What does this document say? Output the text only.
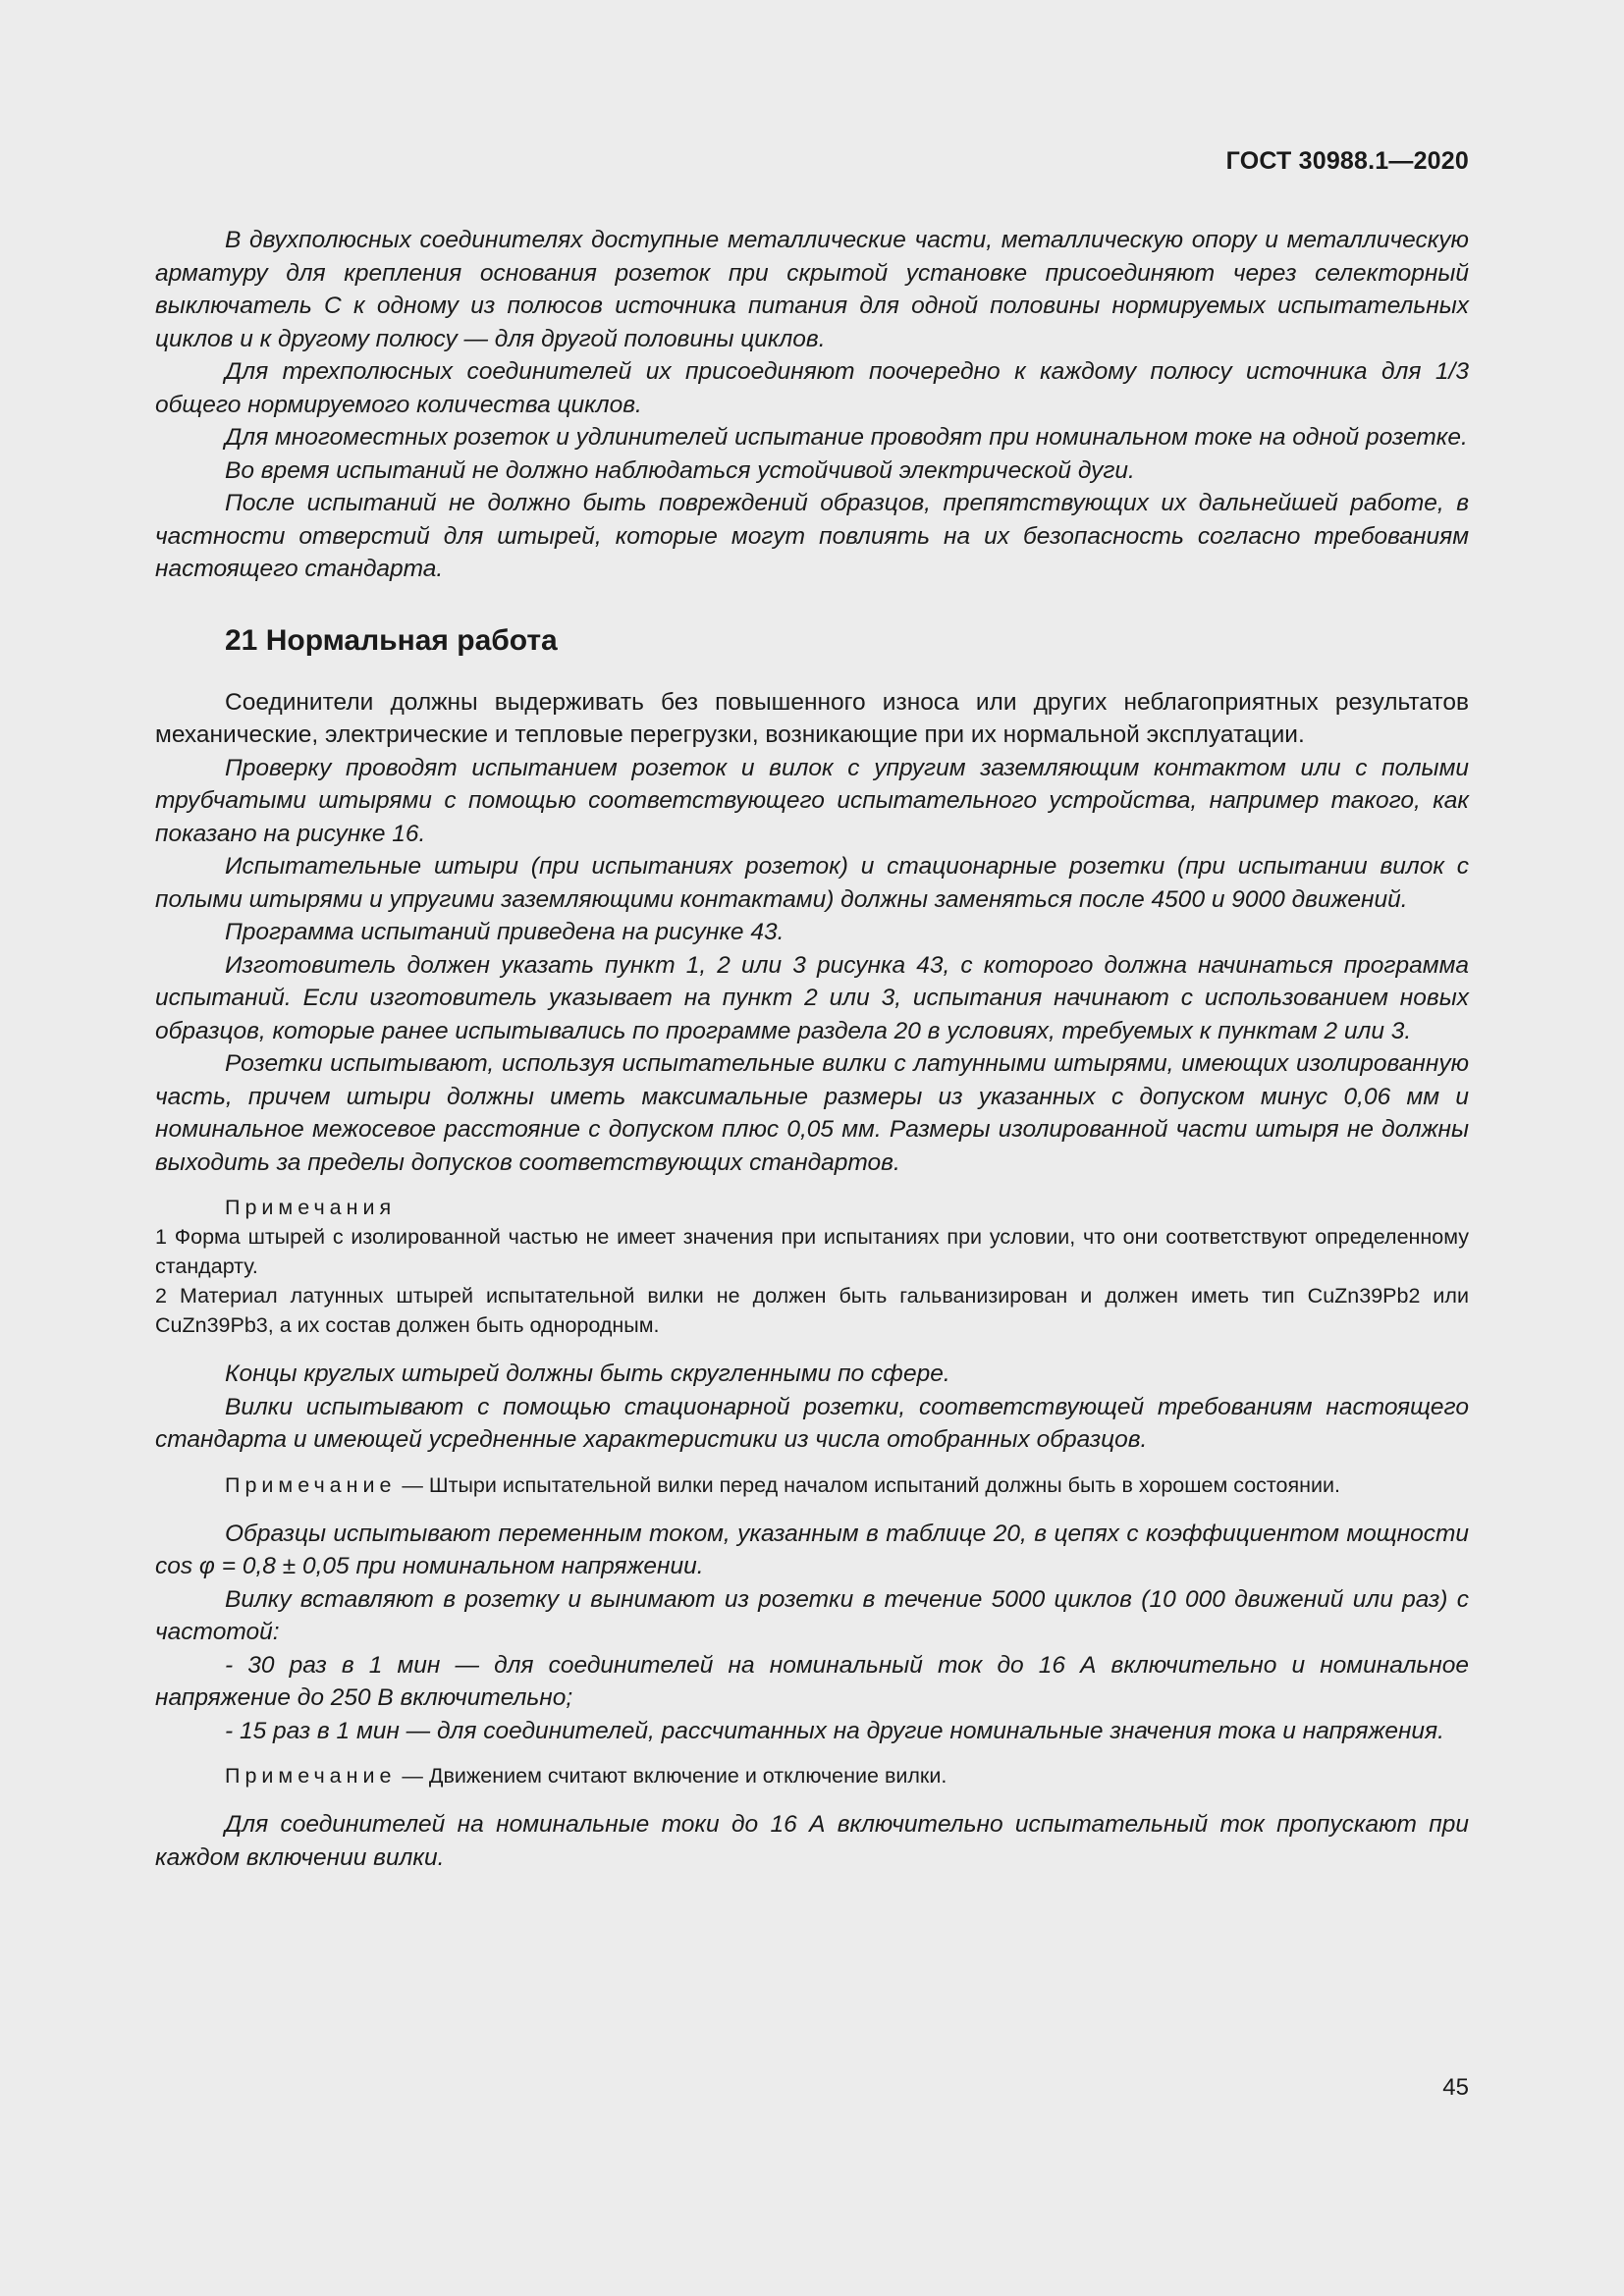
ГОСТ 30988.1—2020

В двухполюсных соединителях доступные металлические части, металлическую опору и металлическую арматуру для крепления основания розеток при скрытой установке присоединяют через селекторный выключатель С к одному из полюсов источника питания для одной половины нормируемых испытательных циклов и к другому полюсу — для другой половины циклов.

Для трехполюсных соединителей их присоединяют поочередно к каждому полюсу источника для 1/3 общего нормируемого количества циклов.

Для многоместных розеток и удлинителей испытание проводят при номинальном токе на одной розетке.

Во время испытаний не должно наблюдаться устойчивой электрической дуги.

После испытаний не должно быть повреждений образцов, препятствующих их дальнейшей работе, в частности отверстий для штырей, которые могут повлиять на их безопасность согласно требованиям настоящего стандарта.

21 Нормальная работа

Соединители должны выдерживать без повышенного износа или других неблагоприятных результатов механические, электрические и тепловые перегрузки, возникающие при их нормальной эксплуатации.

Проверку проводят испытанием розеток и вилок с упругим заземляющим контактом или с полыми трубчатыми штырями с помощью соответствующего испытательного устройства, например такого, как показано на рисунке 16.

Испытательные штыри (при испытаниях розеток) и стационарные розетки (при испытании вилок с полыми штырями и упругими заземляющими контактами) должны заменяться после 4500 и 9000 движений.

Программа испытаний приведена на рисунке 43.

Изготовитель должен указать пункт 1, 2 или 3 рисунка 43, с которого должна начинаться программа испытаний. Если изготовитель указывает на пункт 2 или 3, испытания начинают с использованием новых образцов, которые ранее испытывались по программе раздела 20 в условиях, требуемых к пунктам 2 или 3.

Розетки испытывают, используя испытательные вилки с латунными штырями, имеющих изолированную часть, причем штыри должны иметь максимальные размеры из указанных с допуском минус 0,06 мм и номинальное межосевое расстояние с допуском плюс 0,05 мм. Размеры изолированной части штыря не должны выходить за пределы допусков соответствующих стандартов.

Примечания
1 Форма штырей с изолированной частью не имеет значения при испытаниях при условии, что они соответствуют определенному стандарту.
2 Материал латунных штырей испытательной вилки не должен быть гальванизирован и должен иметь тип CuZn39Pb2 или CuZn39Pb3, а их состав должен быть однородным.

Концы круглых штырей должны быть скругленными по сфере.

Вилки испытывают с помощью стационарной розетки, соответствующей требованиям настоящего стандарта и имеющей усредненные характеристики из числа отобранных образцов.

Примечание — Штыри испытательной вилки перед началом испытаний должны быть в хорошем состоянии.

Образцы испытывают переменным током, указанным в таблице 20, в цепях с коэффициентом мощности cos φ = 0,8 ± 0,05 при номинальном напряжении.

Вилку вставляют в розетку и вынимают из розетки в течение 5000 циклов (10 000 движений или раз) с частотой:

- 30 раз в 1 мин — для соединителей на номинальный ток до 16 А включительно и номинальное напряжение до 250 В включительно;

- 15 раз в 1 мин — для соединителей, рассчитанных на другие номинальные значения тока и напряжения.

Примечание — Движением считают включение и отключение вилки.

Для соединителей на номинальные токи до 16 А включительно испытательный ток пропускают при каждом включении вилки.

45
